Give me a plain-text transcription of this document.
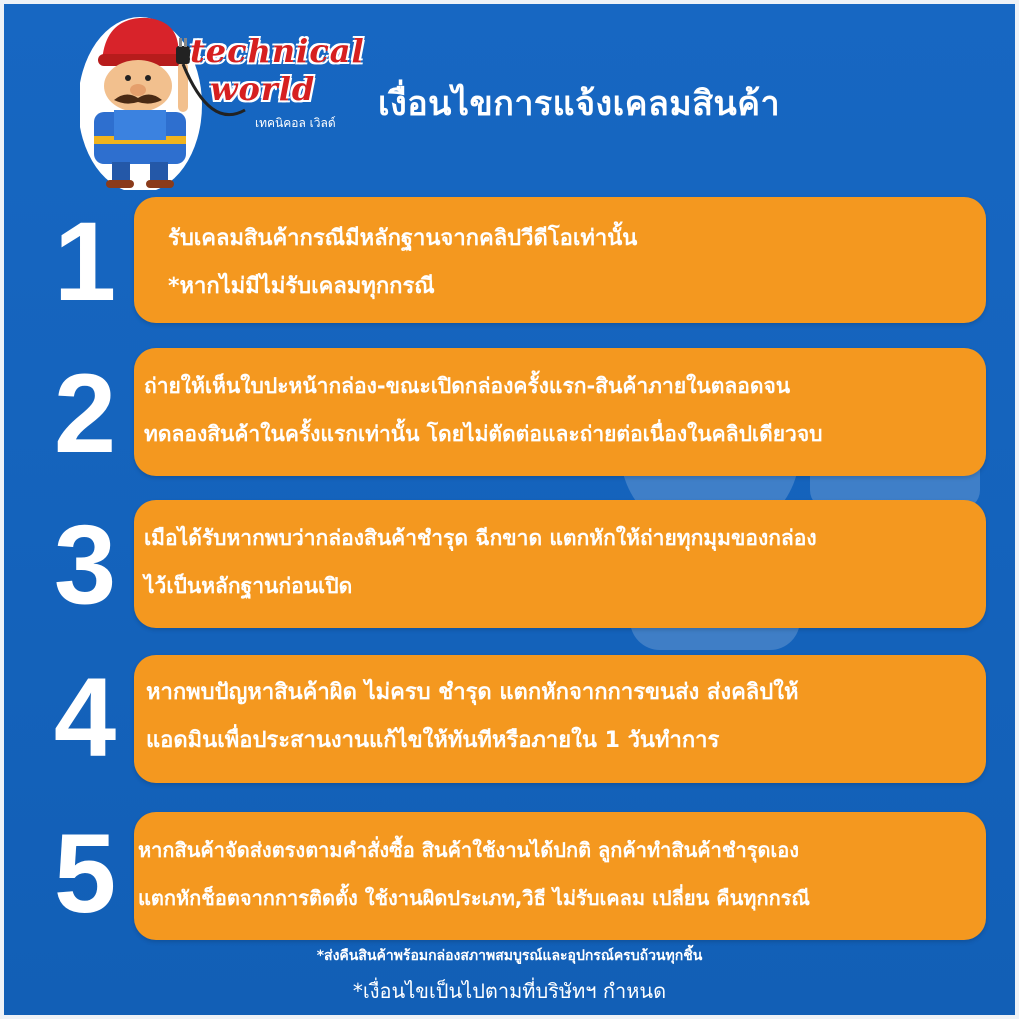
technical
world
เทคนิคอล เวิลด์ เงื่อนไขการแจ้งเคลมสินค้า
1	รับเคลมสินค้ากรณีมีหลักฐานจากคลิปวีดีโอเท่านั้น
*หากไม่มีไม่รับเคลมทุกกรณี
2	ถ่ายให้เห็นใบปะหน้ากล่อง-ขณะเปิดกล่องครั้งแรก-สินค้าภายในตลอดจน
ทดลองสินค้าในครั้งแรกเท่านั้น โดยไม่ตัดต่อและถ่ายต่อเนื่องในคลิปเดียวจบ
3	เมือได้รับหากพบว่ากล่องสินค้าชำรุด ฉีกขาด แตกหักให้ถ่ายทุกมุมของกล่อง
ไว้เป็นหลักฐานก่อนเปิด
4	หากพบปัญหาสินค้าผิด ไม่ครบ ชำรุด แตกหักจากการขนส่ง ส่งคลิปให้
แอดมินเพื่อประสานงานแก้ไขให้ทันทีหรือภายใน 1 วันทำการ
5	หากสินค้าจัดส่งตรงตามคำสั่งซื้อ สินค้าใช้งานได้ปกติ ลูกค้าทำสินค้าชำรุดเอง
แตกหักช็อตจากการติดตั้ง ใช้งานผิดประเภท,วิธี ไม่รับเคลม เปลี่ยน คืนทุกกรณี
*ส่งคืนสินค้าพร้อมกล่องสภาพสมบูรณ์และอุปกรณ์ครบถ้วนทุกชิ้น
*เงื่อนไขเป็นไปตามที่บริษัทฯ กำหนด
